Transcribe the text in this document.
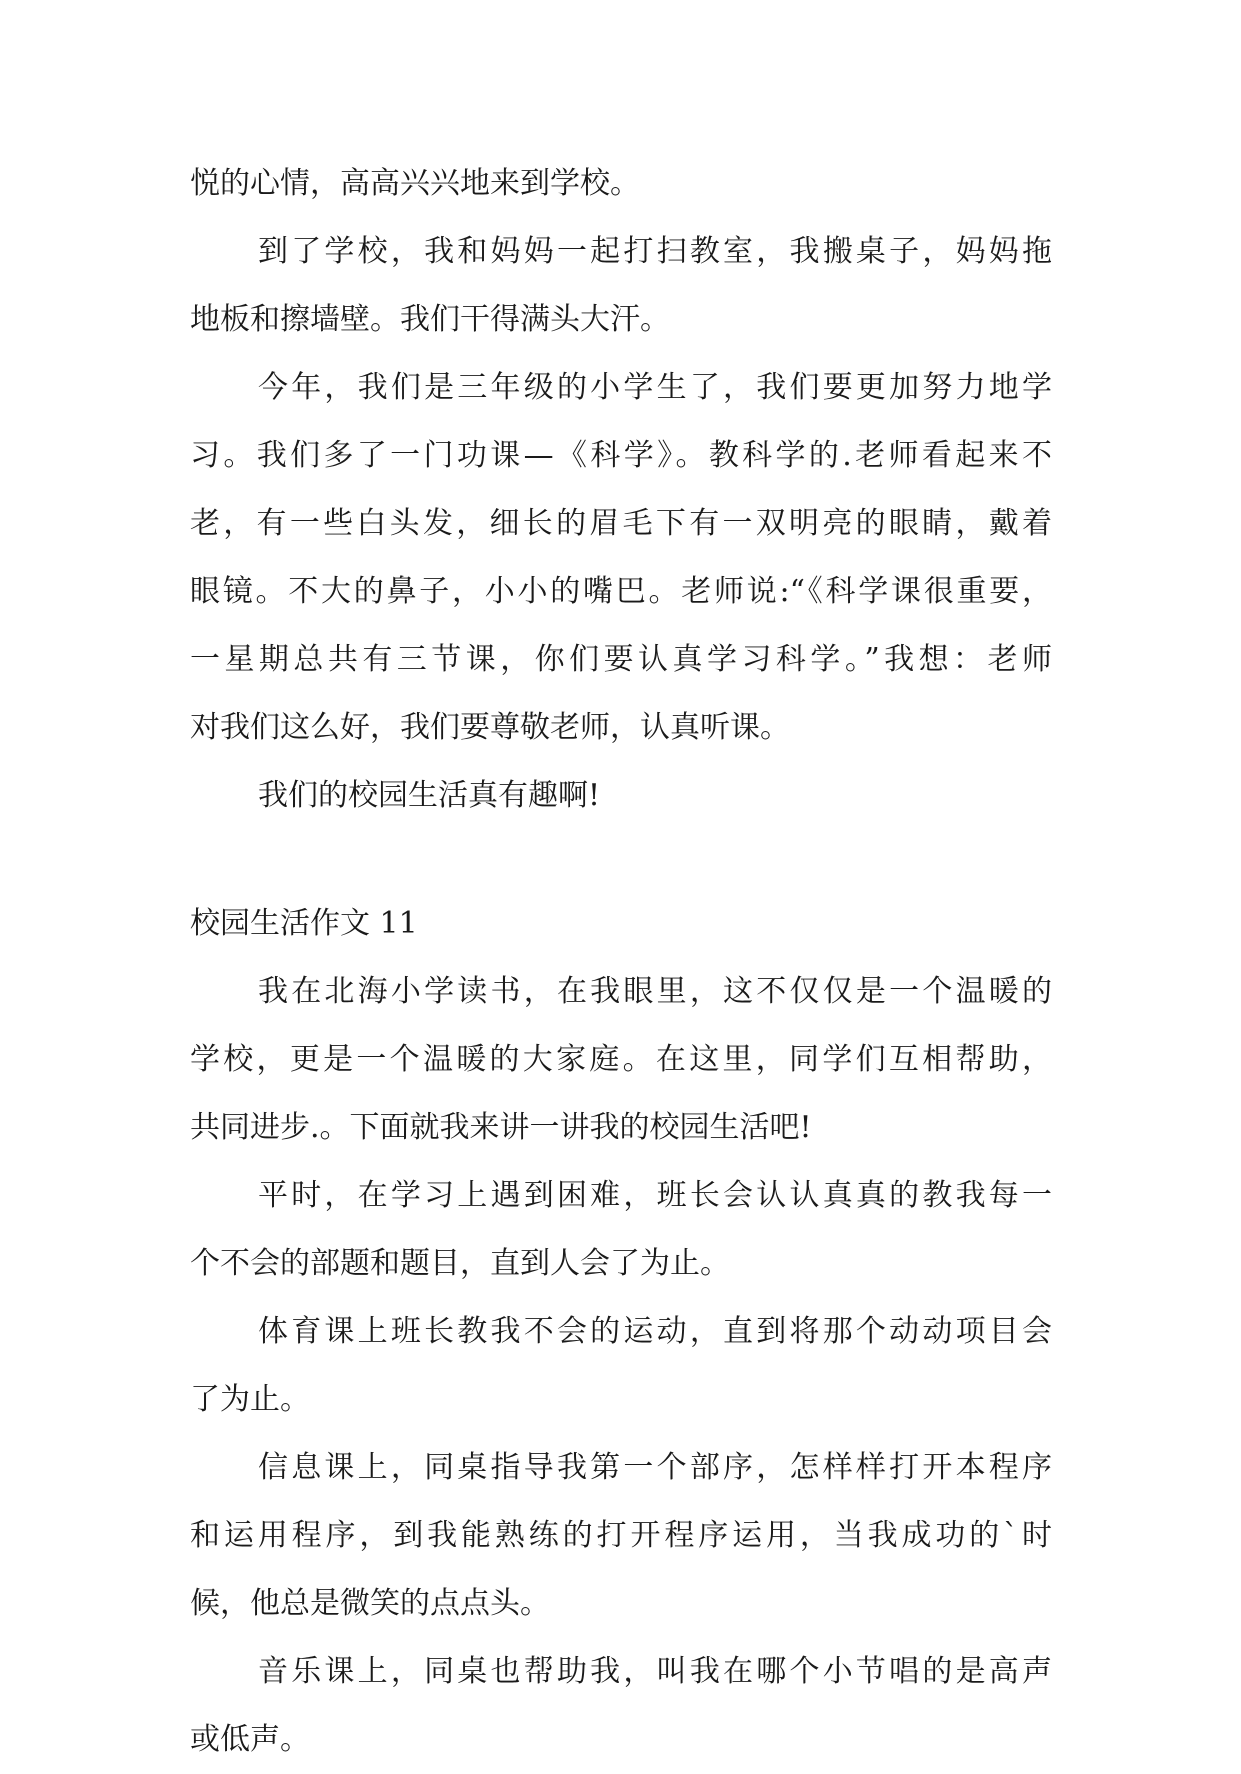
悦的心情，高高兴兴地来到学校。
到了学校，我和妈妈一起打扫教室，我搬桌子，妈妈拖
地板和擦墙壁。我们干得满头大汗。
今年，我们是三年级的小学生了，我们要更加努力地学
习。我们多了一门功课—《科学》。教科学的.老师看起来不
老，有一些白头发，细长的眉毛下有一双明亮的眼睛，戴着
眼镜。不大的鼻子，小小的嘴巴。老师说:“《科学课很重要，
一星期总共有三节课，你们要认真学习科学。”我想：老师
对我们这么好，我们要尊敬老师，认真听课。
我们的校园生活真有趣啊!
校园生活作文 11
我在北海小学读书，在我眼里，这不仅仅是一个温暖的
学校，更是一个温暖的大家庭。在这里，同学们互相帮助，
共同进步.。下面就我来讲一讲我的校园生活吧!
平时，在学习上遇到困难，班长会认认真真的教我每一
个不会的部题和题目，直到人会了为止。
体育课上班长教我不会的运动，直到将那个动动项目会
了为止。
信息课上，同桌指导我第一个部序，怎样样打开本程序
和运用程序，到我能熟练的打开程序运用，当我成功的`时
候，他总是微笑的点点头。
音乐课上，同桌也帮助我，叫我在哪个小节唱的是高声
或低声。
